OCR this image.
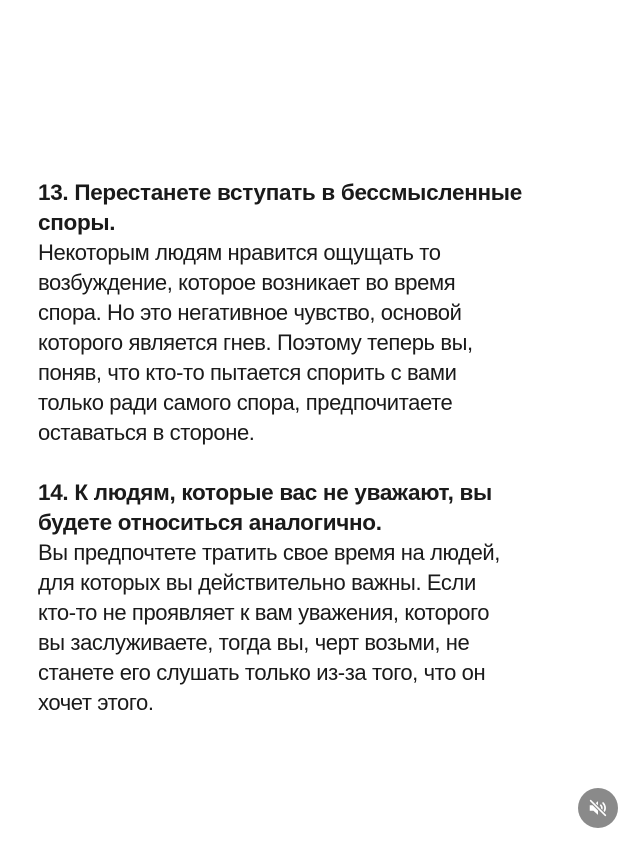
13. Перестанете вступать в бессмысленные
споры.

Некоторым людям нравится ощущать то
возбуждение, которое возникает во время
спора. Но это негативное чувство, основой
которого является гнев. Поэтому теперь вы,
поняв, что кто-то пытается спорить с вами
только ради самого спора, предпочитаете
оставаться в стороне.

14. К людям, которые вас не уважают, вы
будете относиться аналогично.

Вы предпочтете тратить свое время на людей,
для которых вы действительно важны. Если
кто-то не проявляет к вам уважения, которого
вы заслуживаете, тогда вы, черт возьми, не
станете его слушать только из-за того, что он
хочет этого.
